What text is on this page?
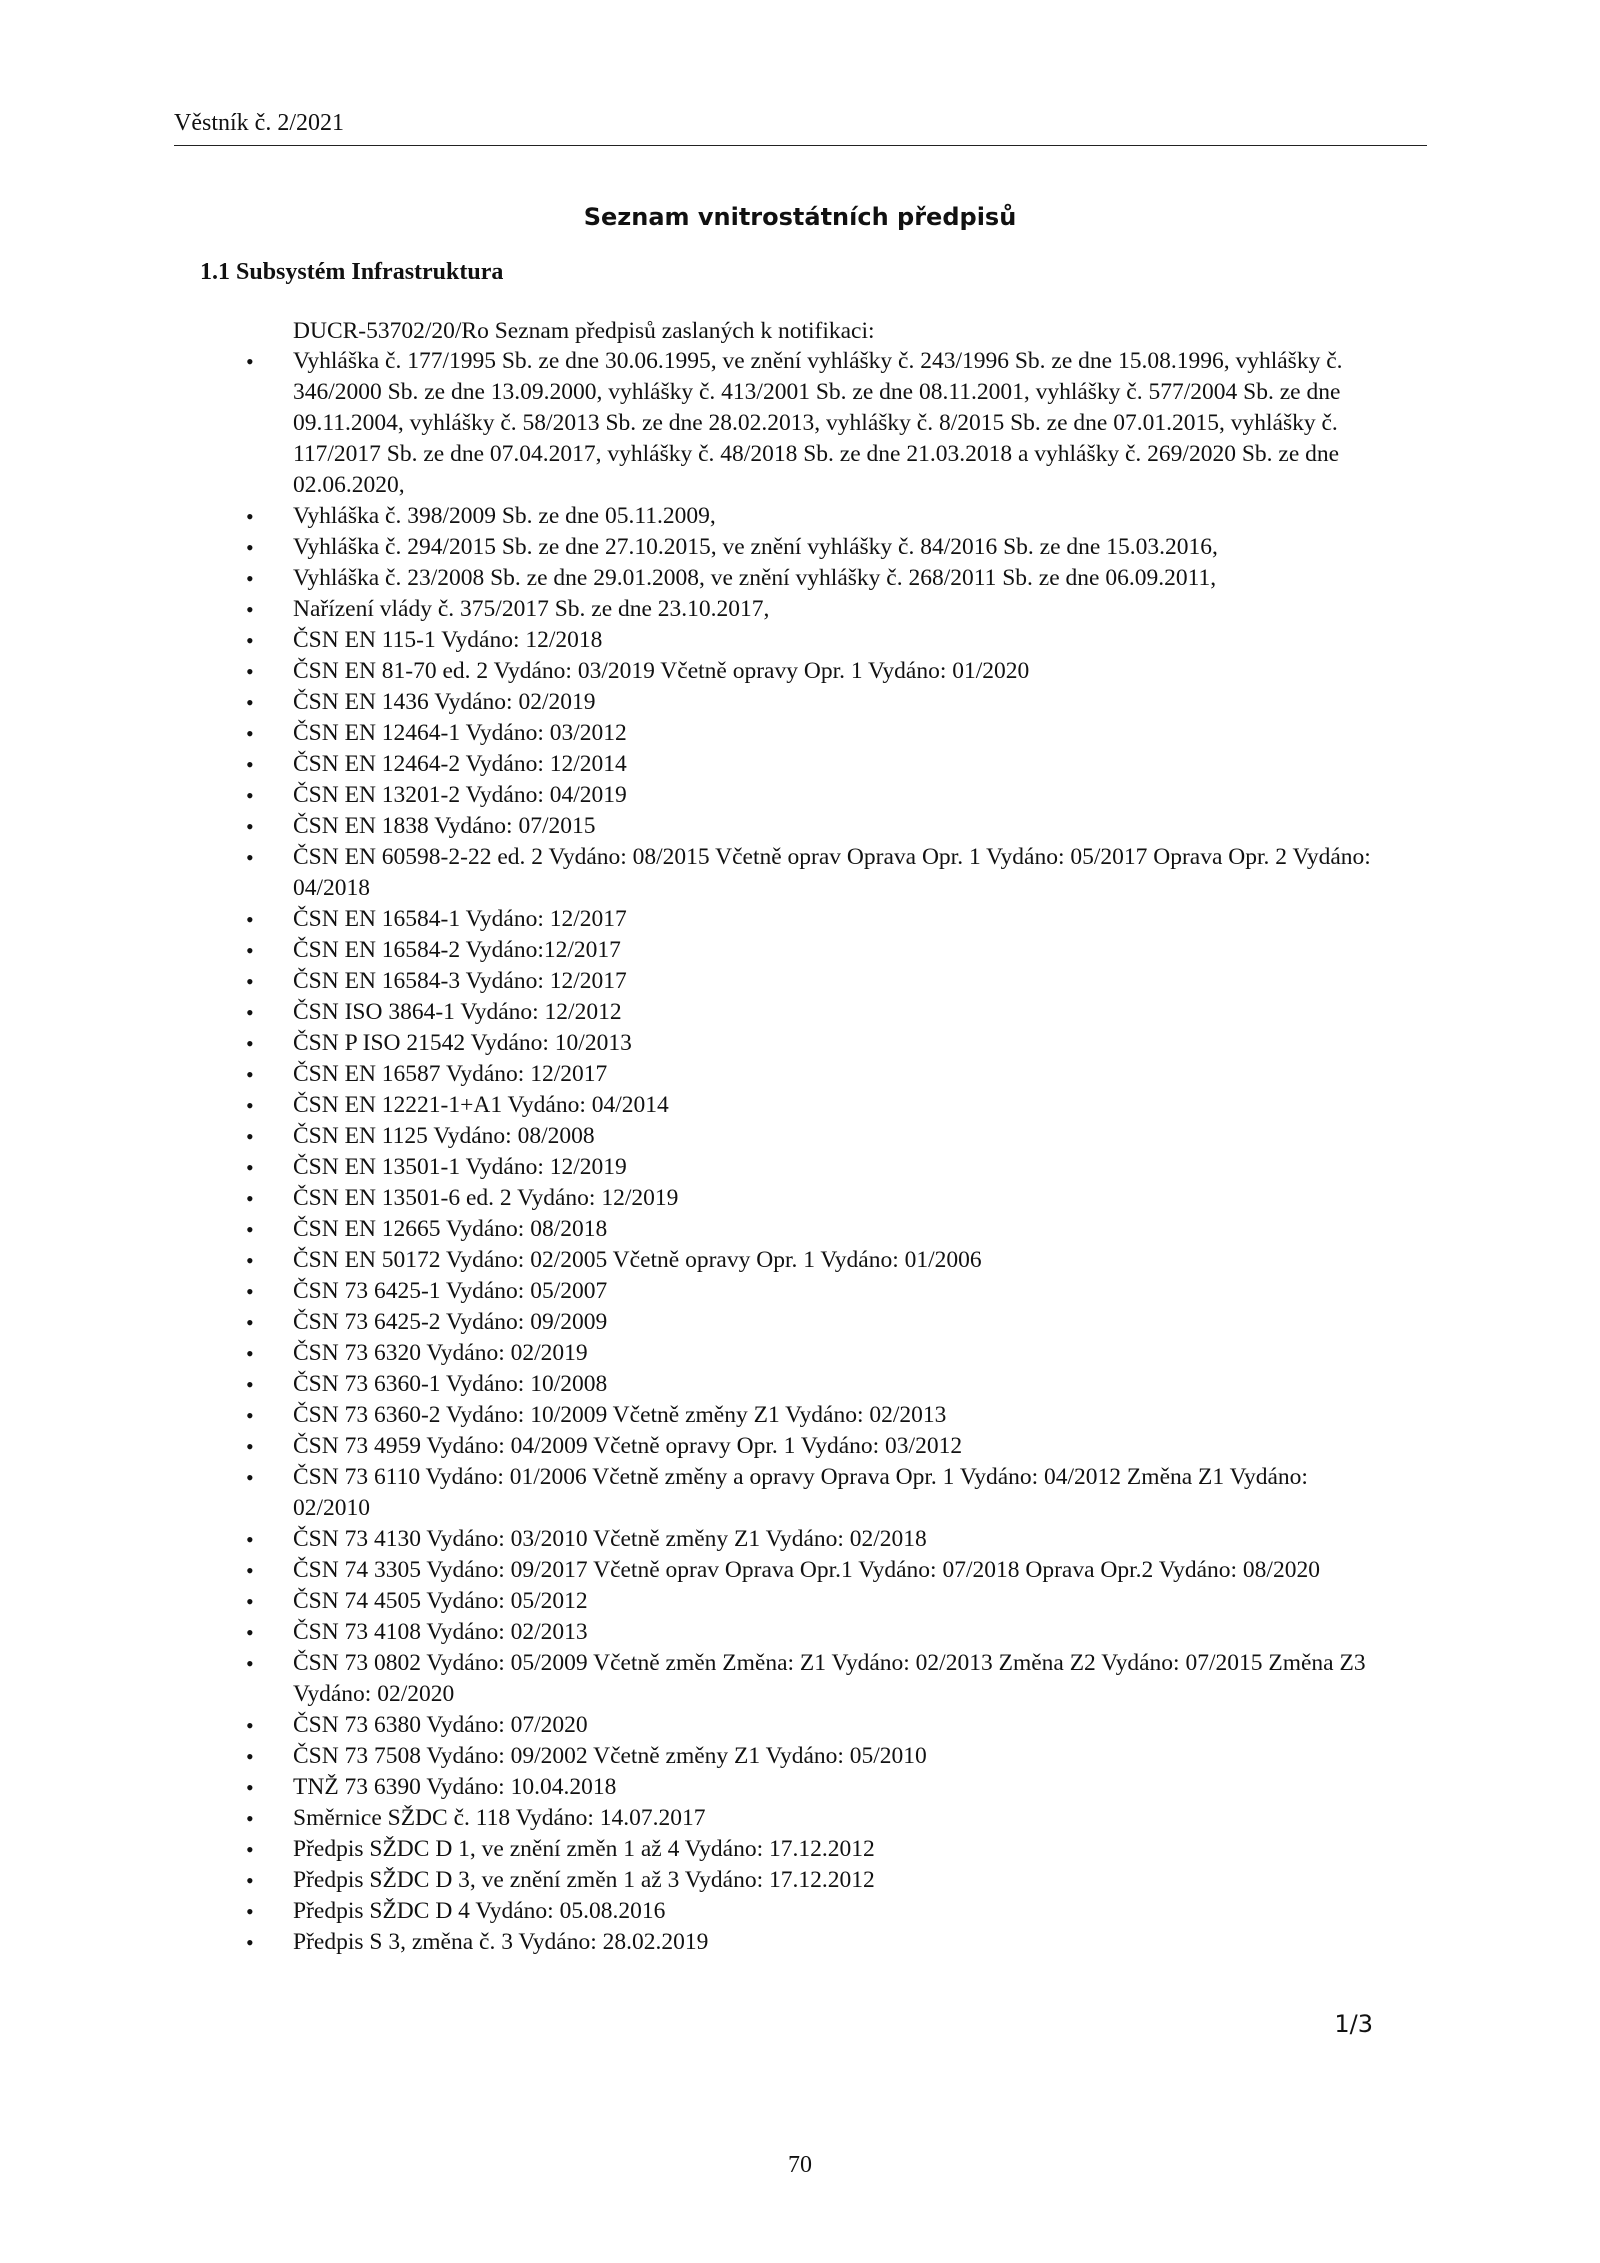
Věstník č. 2/2021
Seznam vnitrostátních předpisů
1.1 Subsystém Infrastruktura
DUCR-53702/20/Ro Seznam předpisů zaslaných k notifikaci:
• Vyhláška č. 177/1995 Sb. ze dne 30.06.1995, ve znění vyhlášky č. 243/1996 Sb. ze dne 15.08.1996, vyhlášky č. 346/2000 Sb. ze dne 13.09.2000, vyhlášky č. 413/2001 Sb. ze dne 08.11.2001, vyhlášky č. 577/2004 Sb. ze dne 09.11.2004, vyhlášky č. 58/2013 Sb. ze dne 28.02.2013, vyhlášky č. 8/2015 Sb. ze dne 07.01.2015, vyhlášky č. 117/2017 Sb. ze dne 07.04.2017, vyhlášky č. 48/2018 Sb. ze dne 21.03.2018 a vyhlášky č. 269/2020 Sb. ze dne 02.06.2020,
• Vyhláška č. 398/2009 Sb. ze dne 05.11.2009,
• Vyhláška č. 294/2015 Sb. ze dne 27.10.2015, ve znění vyhlášky č. 84/2016 Sb. ze dne 15.03.2016,
• Vyhláška č. 23/2008 Sb. ze dne 29.01.2008, ve znění vyhlášky č. 268/2011 Sb. ze dne 06.09.2011,
• Nařízení vlády č. 375/2017 Sb. ze dne 23.10.2017,
• ČSN EN 115-1 Vydáno: 12/2018
• ČSN EN 81-70 ed. 2 Vydáno: 03/2019 Včetně opravy Opr. 1 Vydáno: 01/2020
• ČSN EN 1436 Vydáno: 02/2019
• ČSN EN 12464-1 Vydáno: 03/2012
• ČSN EN 12464-2 Vydáno: 12/2014
• ČSN EN 13201-2 Vydáno: 04/2019
• ČSN EN 1838 Vydáno: 07/2015
• ČSN EN 60598-2-22 ed. 2 Vydáno: 08/2015 Včetně oprav Oprava Opr. 1 Vydáno: 05/2017 Oprava Opr. 2 Vydáno: 04/2018
• ČSN EN 16584-1 Vydáno: 12/2017
• ČSN EN 16584-2 Vydáno:12/2017
• ČSN EN 16584-3 Vydáno: 12/2017
• ČSN ISO 3864-1 Vydáno: 12/2012
• ČSN P ISO 21542 Vydáno: 10/2013
• ČSN EN 16587 Vydáno: 12/2017
• ČSN EN 12221-1+A1 Vydáno: 04/2014
• ČSN EN 1125 Vydáno: 08/2008
• ČSN EN 13501-1 Vydáno: 12/2019
• ČSN EN 13501-6 ed. 2 Vydáno: 12/2019
• ČSN EN 12665 Vydáno: 08/2018
• ČSN EN 50172 Vydáno: 02/2005 Včetně opravy Opr. 1 Vydáno: 01/2006
• ČSN 73 6425-1 Vydáno: 05/2007
• ČSN 73 6425-2 Vydáno: 09/2009
• ČSN 73 6320 Vydáno: 02/2019
• ČSN 73 6360-1 Vydáno: 10/2008
• ČSN 73 6360-2 Vydáno: 10/2009 Včetně změny Z1 Vydáno: 02/2013
• ČSN 73 4959 Vydáno: 04/2009 Včetně opravy Opr. 1 Vydáno: 03/2012
• ČSN 73 6110 Vydáno: 01/2006 Včetně změny a opravy Oprava Opr. 1 Vydáno: 04/2012 Změna Z1 Vydáno: 02/2010
• ČSN 73 4130 Vydáno: 03/2010 Včetně změny Z1 Vydáno: 02/2018
• ČSN 74 3305 Vydáno: 09/2017 Včetně oprav Oprava Opr.1 Vydáno: 07/2018 Oprava Opr.2 Vydáno: 08/2020
• ČSN 74 4505 Vydáno: 05/2012
• ČSN 73 4108 Vydáno: 02/2013
• ČSN 73 0802 Vydáno: 05/2009 Včetně změn Změna: Z1 Vydáno: 02/2013 Změna Z2 Vydáno: 07/2015 Změna Z3 Vydáno: 02/2020
• ČSN 73 6380 Vydáno: 07/2020
• ČSN 73 7508 Vydáno: 09/2002 Včetně změny Z1 Vydáno: 05/2010
• TNŽ 73 6390 Vydáno: 10.04.2018
• Směrnice SŽDC č. 118 Vydáno: 14.07.2017
• Předpis SŽDC D 1, ve znění změn 1 až 4 Vydáno: 17.12.2012
• Předpis SŽDC D 3, ve znění změn 1 až 3 Vydáno: 17.12.2012
• Předpis SŽDC D 4 Vydáno: 05.08.2016
• Předpis S 3, změna č. 3 Vydáno: 28.02.2019
1/3
70
